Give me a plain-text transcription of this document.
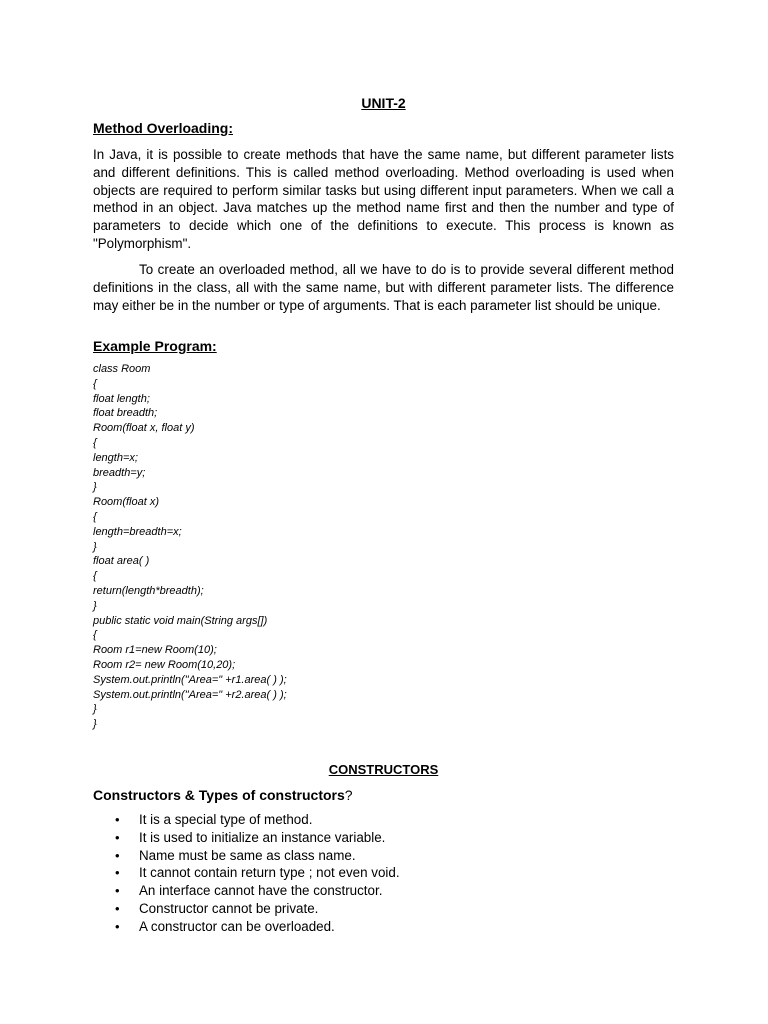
UNIT-2
Method Overloading:
In Java, it is possible to create methods that have the same name, but different parameter lists and different definitions. This is called method overloading. Method overloading is used when objects are required to perform similar tasks but using different input parameters. When we call a method in an object. Java matches up the method name first and then the number and type of parameters to decide which one of the definitions to execute. This process is known as "Polymorphism".
To create an overloaded method, all we have to do is to provide several different method definitions in the class, all with the same name, but with different parameter lists. The difference may either be in the number or type of arguments. That is each parameter list should be unique.
Example Program:
class Room
{
float length;
float breadth;
Room(float x, float y)
{
length=x;
breadth=y;
}
Room(float x)
{
length=breadth=x;
}
float area( )
{
return(length*breadth);
}
public static void main(String args[])
{
Room r1=new Room(10);
Room r2= new Room(10,20);
System.out.println("Area=" +r1.area( ) );
System.out.println("Area=" +r2.area( ) );
}
}
CONSTRUCTORS
Constructors & Types of constructors?
• It is a special type of method.
• It is used to initialize an instance variable.
• Name must be same as class name.
• It cannot contain return type ; not even void.
• An interface cannot have the constructor.
• Constructor cannot be private.
• A constructor can be overloaded.
